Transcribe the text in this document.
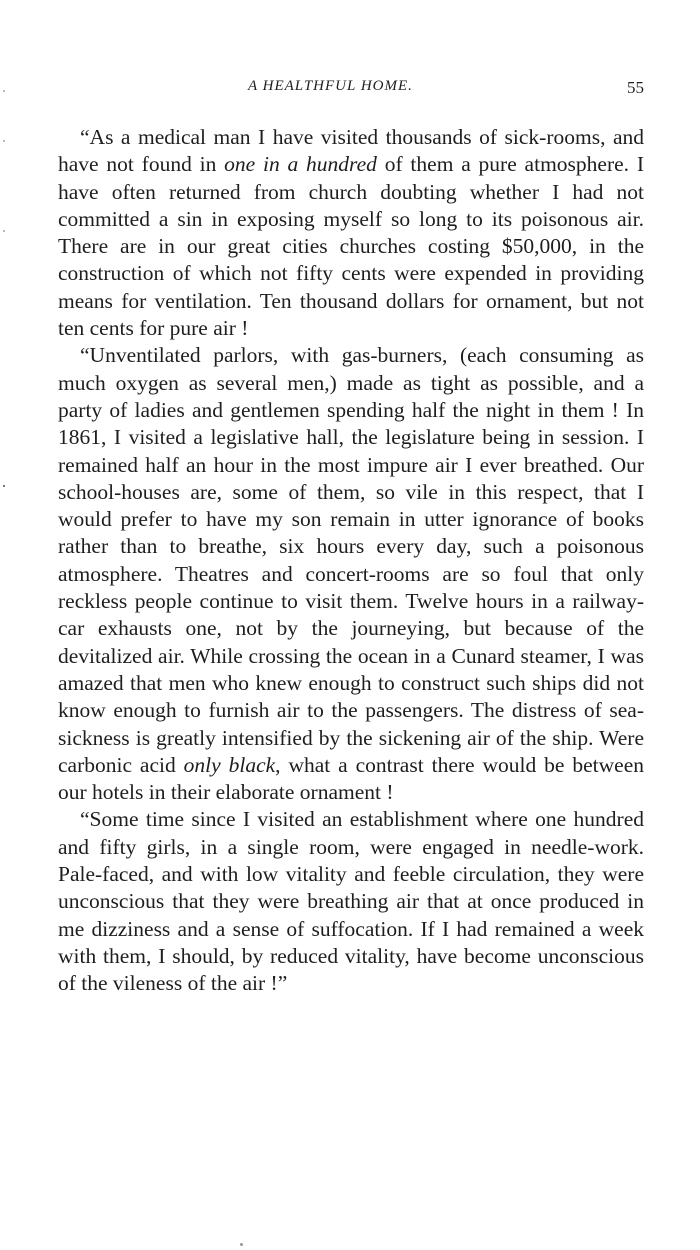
A HEALTHFUL HOME.	55

“As a medical man I have visited thousands of sick-rooms, and have not found in one in a hundred of them a pure atmosphere. I have often returned from church doubting whether I had not committed a sin in exposing myself so long to its poisonous air. There are in our great cities churches costing $50,000, in the construction of which not fifty cents were expended in providing means for ventilation. Ten thousand dollars for ornament, but not ten cents for pure air !

“Unventilated parlors, with gas-burners, (each consuming as much oxygen as several men,) made as tight as possible, and a party of ladies and gentlemen spending half the night in them ! In 1861, I visited a legislative hall, the legislature being in session. I remained half an hour in the most impure air I ever breathed. Our school-houses are, some of them, so vile in this respect, that I would prefer to have my son remain in utter ignorance of books rather than to breathe, six hours every day, such a poisonous atmosphere. Theatres and concert-rooms are so foul that only reckless people continue to visit them. Twelve hours in a railway-car exhausts one, not by the journeying, but because of the devitalized air. While crossing the ocean in a Cunard steamer, I was amazed that men who knew enough to construct such ships did not know enough to furnish air to the passengers. The distress of sea-sickness is greatly intensified by the sickening air of the ship. Were carbonic acid only black, what a contrast there would be between our hotels in their elaborate ornament !

“Some time since I visited an establishment where one hundred and fifty girls, in a single room, were engaged in needle-work. Pale-faced, and with low vitality and feeble circulation, they were unconscious that they were breathing air that at once produced in me dizziness and a sense of suffocation. If I had remained a week with them, I should, by reduced vitality, have become unconscious of the vileness of the air !”
